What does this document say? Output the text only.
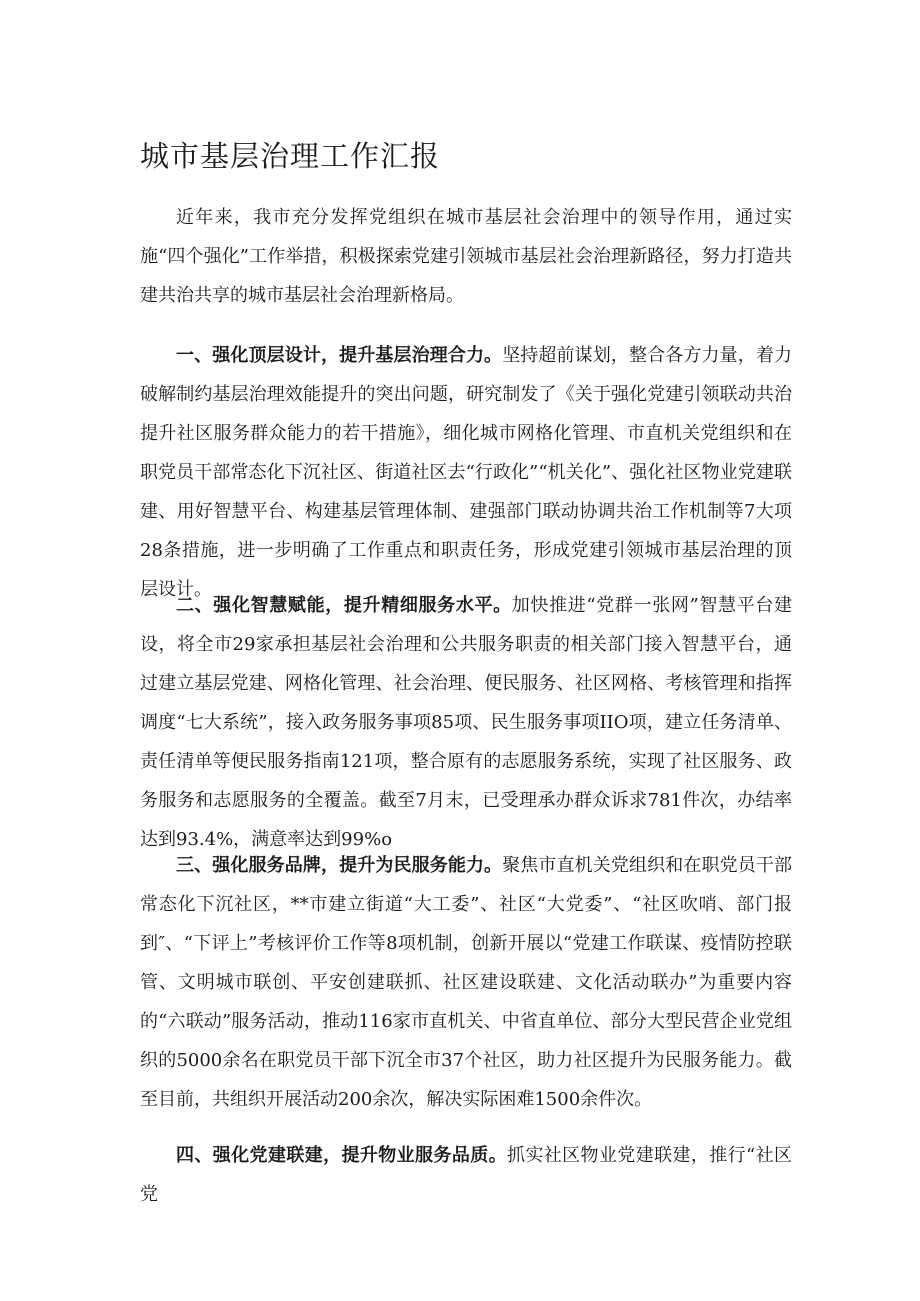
城市基层治理工作汇报

近年来，我市充分发挥党组织在城市基层社会治理中的领导作用，通过实施“四个强化”工作举措，积极探索党建引领城市基层社会治理新路径，努力打造共建共治共享的城市基层社会治理新格局。

一、强化顶层设计，提升基层治理合力。坚持超前谋划，整合各方力量，着力破解制约基层治理效能提升的突出问题，研究制发了《关于强化党建引领联动共治提升社区服务群众能力的若干措施》，细化城市网格化管理、市直机关党组织和在职党员干部常态化下沉社区、街道社区去“行政化”“机关化”、强化社区物业党建联建、用好智慧平台、构建基层管理体制、建强部门联动协调共治工作机制等7大项28条措施，进一步明确了工作重点和职责任务，形成党建引领城市基层治理的顶层设计。

二、强化智慧赋能，提升精细服务水平。加快推进“党群一张网”智慧平台建设，将全市29家承担基层社会治理和公共服务职责的相关部门接入智慧平台，通过建立基层党建、网格化管理、社会治理、便民服务、社区网格、考核管理和指挥调度“七大系统”，接入政务服务事项85项、民生服务事项IIO项，建立任务清单、责任清单等便民服务指南121项，整合原有的志愿服务系统，实现了社区服务、政务服务和志愿服务的全覆盖。截至7月末，已受理承办群众诉求781件次，办结率达到93.4%，满意率达到99%o

三、强化服务品牌，提升为民服务能力。聚焦市直机关党组织和在职党员干部常态化下沉社区，**市建立街道“大工委”、社区“大党委”、“社区吹哨、部门报到″、“下评上”考核评价工作等8项机制，创新开展以“党建工作联谋、疫情防控联管、文明城市联创、平安创建联抓、社区建设联建、文化活动联办”为重要内容的“六联动”服务活动，推动116家市直机关、中省直单位、部分大型民营企业党组织的5000余名在职党员干部下沉全市37个社区，助力社区提升为民服务能力。截至目前，共组织开展活动200余次，解决实际困难1500余件次。

四、强化党建联建，提升物业服务品质。抓实社区物业党建联建，推行“社区党
